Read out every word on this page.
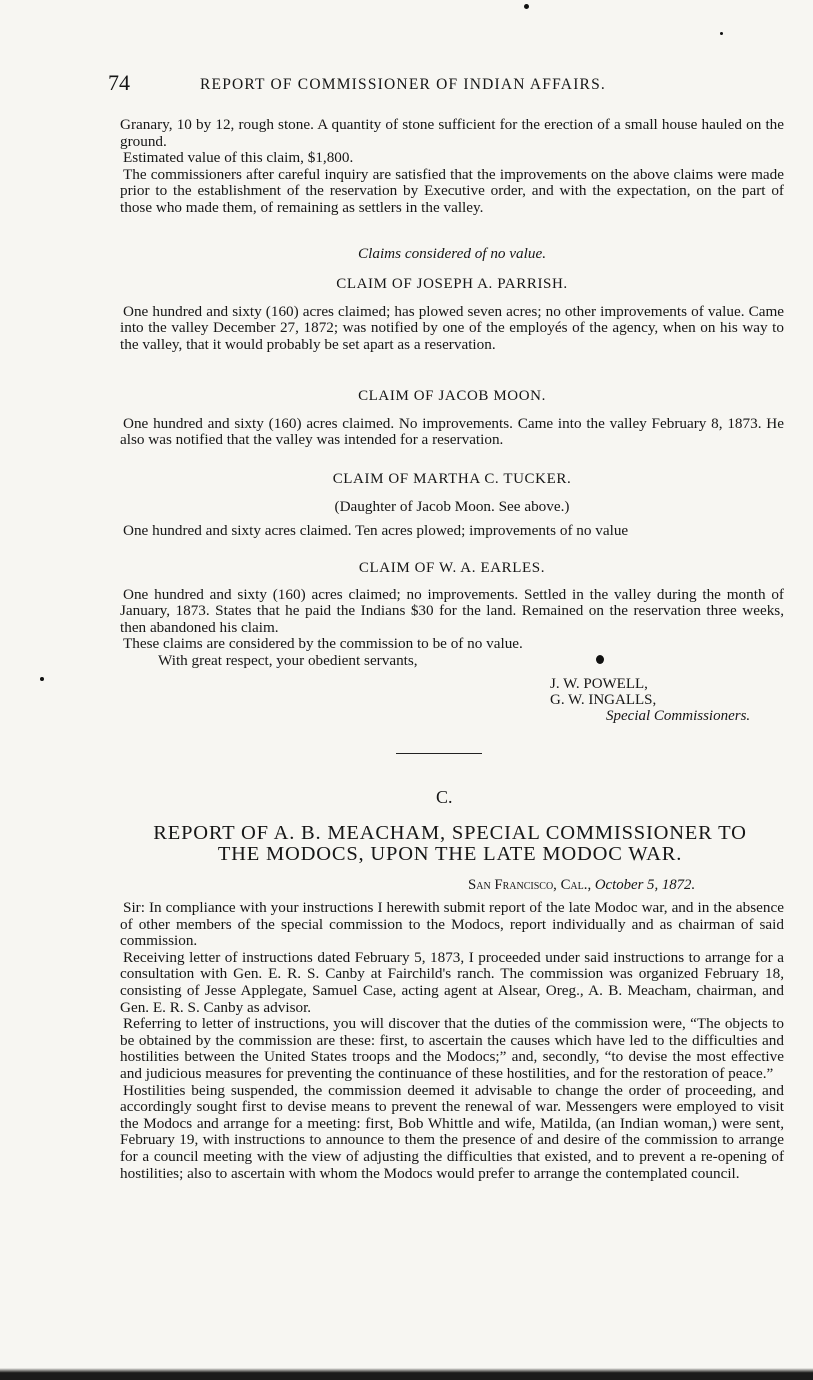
74	REPORT OF COMMISSIONER OF INDIAN AFFAIRS.

Granary, 10 by 12, rough stone. A quantity of stone sufficient for the erection of a small house hauled on the ground.

Estimated value of this claim, $1,800.

The commissioners after careful inquiry are satisfied that the improvements on the above claims were made prior to the establishment of the reservation by Executive order, and with the expectation, on the part of those who made them, of remaining as settlers in the valley.

Claims considered of no value.

CLAIM OF JOSEPH A. PARRISH.

One hundred and sixty (160) acres claimed; has plowed seven acres; no other improvements of value. Came into the valley December 27, 1872; was notified by one of the employés of the agency, when on his way to the valley, that it would probably be set apart as a reservation.

CLAIM OF JACOB MOON.

One hundred and sixty (160) acres claimed. No improvements. Came into the valley February 8, 1873. He also was notified that the valley was intended for a reservation.

CLAIM OF MARTHA C. TUCKER.

(Daughter of Jacob Moon. See above.)

One hundred and sixty acres claimed. Ten acres plowed; improvements of no value

CLAIM OF W. A. EARLES.

One hundred and sixty (160) acres claimed; no improvements. Settled in the valley during the month of January, 1873. States that he paid the Indians $30 for the land. Remained on the reservation three weeks, then abandoned his claim.

These claims are considered by the commission to be of no value.

With great respect, your obedient servants,

J. W. POWELL,
G. W. INGALLS,
Special Commissioners.
C.
REPORT OF A. B. MEACHAM, SPECIAL COMMISSIONER TO
THE MODOCS, UPON THE LATE MODOC WAR.
San Francisco, Cal., October 5, 1872.

Sir: In compliance with your instructions I herewith submit report of the late Modoc war, and in the absence of other members of the special commission to the Modocs, report individually and as chairman of said commission.

Receiving letter of instructions dated February 5, 1873, I proceeded under said instructions to arrange for a consultation with Gen. E. R. S. Canby at Fairchild's ranch. The commission was organized February 18, consisting of Jesse Applegate, Samuel Case, acting agent at Alsear, Oreg., A. B. Meacham, chairman, and Gen. E. R. S. Canby as advisor.

Referring to letter of instructions, you will discover that the duties of the commission were, “The objects to be obtained by the commission are these: first, to ascertain the causes which have led to the difficulties and hostilities between the United States troops and the Modocs;” and, secondly, “to devise the most effective and judicious measures for preventing the continuance of these hostilities, and for the restoration of peace.”

Hostilities being suspended, the commission deemed it advisable to change the order of proceeding, and accordingly sought first to devise means to prevent the renewal of war. Messengers were employed to visit the Modocs and arrange for a meeting: first, Bob Whittle and wife, Matilda, (an Indian woman,) were sent, February 19, with instructions to announce to them the presence of and desire of the commission to arrange for a council meeting with the view of adjusting the difficulties that existed, and to prevent a re-opening of hostilities; also to ascertain with whom the Modocs would prefer to arrange the contemplated council.
